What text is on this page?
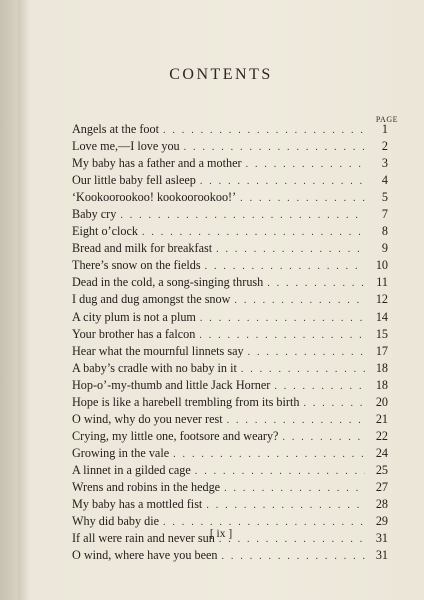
CONTENTS
PAGE
Angels at the foot . . .	1
Love me,—I love you . . .	2
My baby has a father and a mother . . .	3
Our little baby fell asleep . . .	4
‘Kookoorookoo! kookoorookoo!’ . . .	5
Baby cry . . .	7
Eight o’clock . . .	8
Bread and milk for breakfast . . .	9
There’s snow on the fields . . .	10
Dead in the cold, a song-singing thrush . . .	11
I dug and dug amongst the snow . . .	12
A city plum is not a plum . . .	14
Your brother has a falcon . . .	15
Hear what the mournful linnets say . . .	17
A baby’s cradle with no baby in it . . .	18
Hop-o’-my-thumb and little Jack Horner . . .	18
Hope is like a harebell trembling from its birth . . .	20
O wind, why do you never rest . . .	21
Crying, my little one, footsore and weary? . . .	22
Growing in the vale . . .	24
A linnet in a gilded cage . . .	25
Wrens and robins in the hedge . . .	27
My baby has a mottled fist . . .	28
Why did baby die . . .	29
If all were rain and never sun . . .	31
O wind, where have you been . . .	31
[ ix ]
